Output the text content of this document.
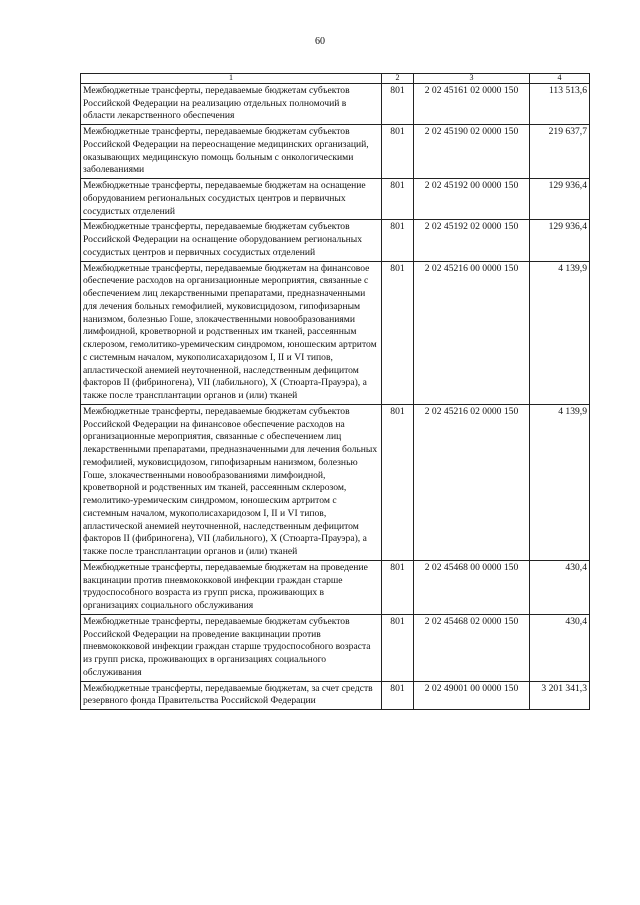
60
1	2	3	4
Межбюджетные трансферты, передаваемые бюджетам субъектов Российской Федерации на реализацию отдельных полномочий в области лекарственного обеспечения	801	2 02 45161 02 0000 150	113 513,6
Межбюджетные трансферты, передаваемые бюджетам субъектов Российской Федерации на переоснащение медицинских организаций, оказывающих медицинскую помощь больным с онкологическими заболеваниями	801	2 02 45190 02 0000 150	219 637,7
Межбюджетные трансферты, передаваемые бюджетам на оснащение оборудованием региональных сосудистых центров и первичных сосудистых отделений	801	2 02 45192 00 0000 150	129 936,4
Межбюджетные трансферты, передаваемые бюджетам субъектов Российской Федерации на оснащение оборудованием региональных сосудистых центров и первичных сосудистых отделений	801	2 02 45192 02 0000 150	129 936,4
Межбюджетные трансферты, передаваемые бюджетам на финансовое обеспечение расходов на организационные мероприятия, связанные с обеспечением лиц лекарственными препаратами, предназначенными для лечения больных гемофилией, муковисцидозом, гипофизарным нанизмом, болезнью Гоше, злокачественными новообразованиями лимфоидной, кроветворной и родственных им тканей, рассеянным склерозом, гемолитико-уремическим синдромом, юношеским артритом с системным началом, мукополисахаридозом I, II и VI типов, апластической анемией неуточненной, наследственным дефицитом факторов II (фибриногена), VII (лабильного), X (Стюарта-Прауэра), а также после трансплантации органов и (или) тканей	801	2 02 45216 00 0000 150	4 139,9
Межбюджетные трансферты, передаваемые бюджетам субъектов Российской Федерации на финансовое обеспечение расходов на организационные мероприятия, связанные с обеспечением лиц лекарственными препаратами, предназначенными для лечения больных гемофилией, муковисцидозом, гипофизарным нанизмом, болезнью Гоше, злокачественными новообразованиями лимфоидной, кроветворной и родственных им тканей, рассеянным склерозом, гемолитико-уремическим синдромом, юношеским артритом с системным началом, мукополисахаридозом I, II и VI типов, апластической анемией неуточненной, наследственным дефицитом факторов II (фибриногена), VII (лабильного), X (Стюарта-Прауэра), а также после трансплантации органов и (или) тканей	801	2 02 45216 02 0000 150	4 139,9
Межбюджетные трансферты, передаваемые бюджетам на проведение вакцинации против пневмококковой инфекции граждан старше трудоспособного возраста из групп риска, проживающих в организациях социального обслуживания	801	2 02 45468 00 0000 150	430,4
Межбюджетные трансферты, передаваемые бюджетам субъектов Российской Федерации на проведение вакцинации против пневмококковой инфекции граждан старше трудоспособного возраста из групп риска, проживающих в организациях социального обслуживания	801	2 02 45468 02 0000 150	430,4
Межбюджетные трансферты, передаваемые бюджетам, за счет средств резервного фонда Правительства Российской Федерации	801	2 02 49001 00 0000 150	3 201 341,3
